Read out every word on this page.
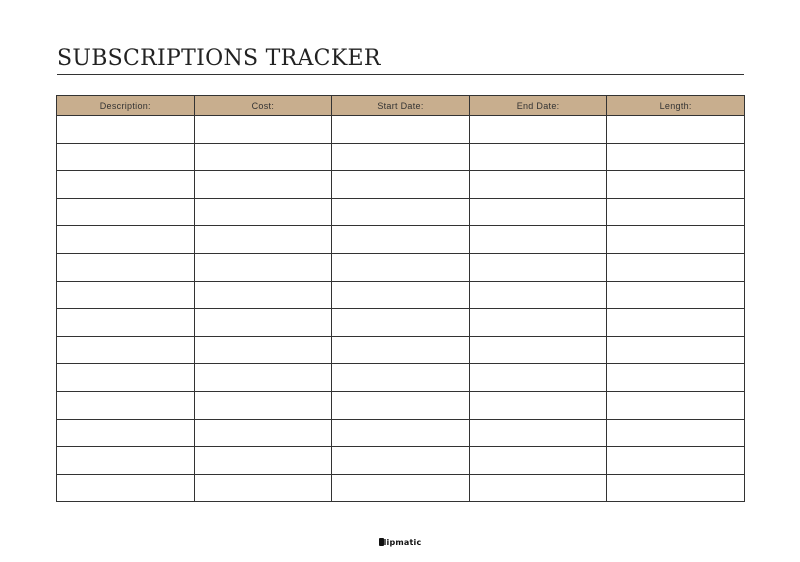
SUBSCRIPTIONS TRACKER
Description:	Cost:	Start Date:	End Date:	Length:

lipmatic
